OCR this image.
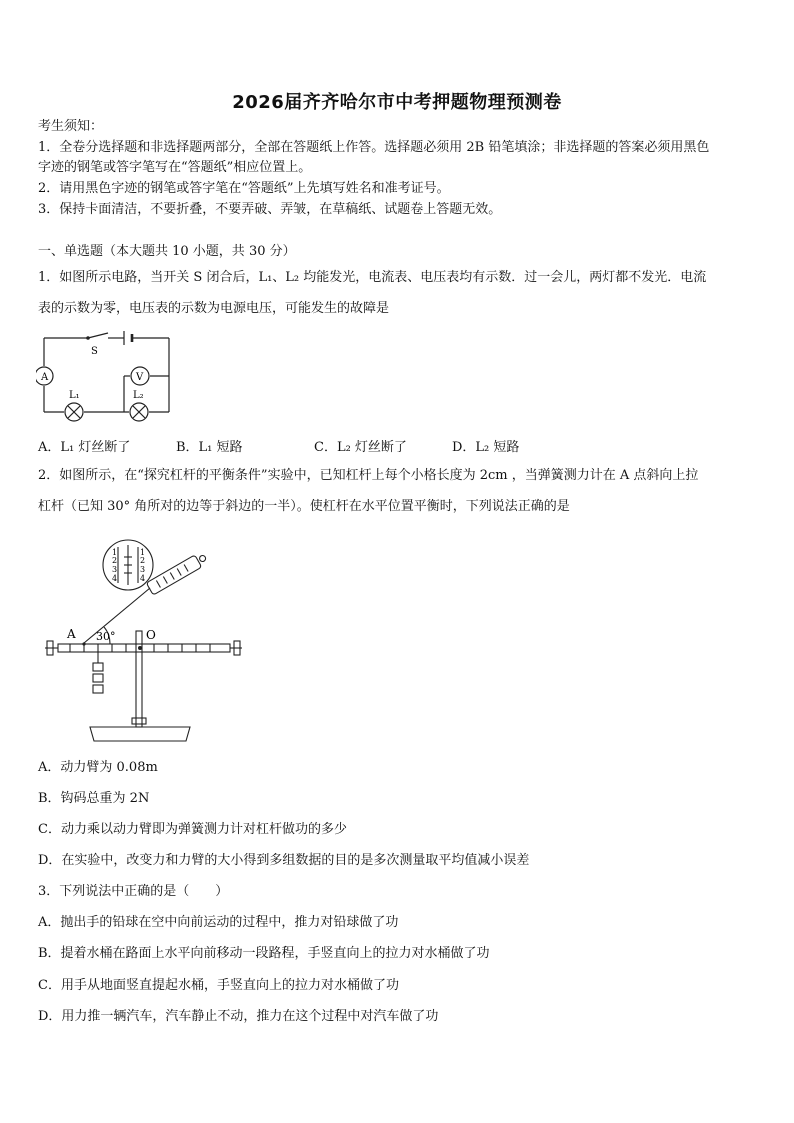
2026届齐齐哈尔市中考押题物理预测卷
考生须知：
1．全卷分选择题和非选择题两部分，全部在答题纸上作答。选择题必须用 2B 铅笔填涂；非选择题的答案必须用黑色
字迹的钢笔或答字笔写在“答题纸”相应位置上。
2．请用黑色字迹的钢笔或答字笔在“答题纸”上先填写姓名和准考证号。
3．保持卡面清洁，不要折叠，不要弄破、弄皱，在草稿纸、试题卷上答题无效。
一、单选题（本大题共 10 小题，共 30 分）
1．如图所示电路，当开关 S 闭合后，L₁、L₂ 均能发光，电流表、电压表均有示数．过一会儿，两灯都不发光．电流
表的示数为零，电压表的示数为电源电压，可能发生的故障是
S
A	V
L₁	L₂
A．L₁ 灯丝断了	B．L₁ 短路	C．L₂ 灯丝断了	D．L₂ 短路
2．如图所示，在“探究杠杆的平衡条件”实验中，已知杠杆上每个小格长度为 2cm ，当弹簧测力计在 A 点斜向上拉
杠杆（已知 30° 角所对的边等于斜边的一半）。使杠杆在水平位置平衡时，下列说法正确的是
1
2
3
4
1
2
3
4
A 30°	O
A．动力臂为 0.08m
B．钩码总重为 2N
C．动力乘以动力臂即为弹簧测力计对杠杆做功的多少
D．在实验中，改变力和力臂的大小得到多组数据的目的是多次测量取平均值减小误差
3．下列说法中正确的是（　　）
A．抛出手的铅球在空中向前运动的过程中，推力对铅球做了功
B．提着水桶在路面上水平向前移动一段路程，手竖直向上的拉力对水桶做了功
C．用手从地面竖直提起水桶，手竖直向上的拉力对水桶做了功
D．用力推一辆汽车，汽车静止不动，推力在这个过程中对汽车做了功
